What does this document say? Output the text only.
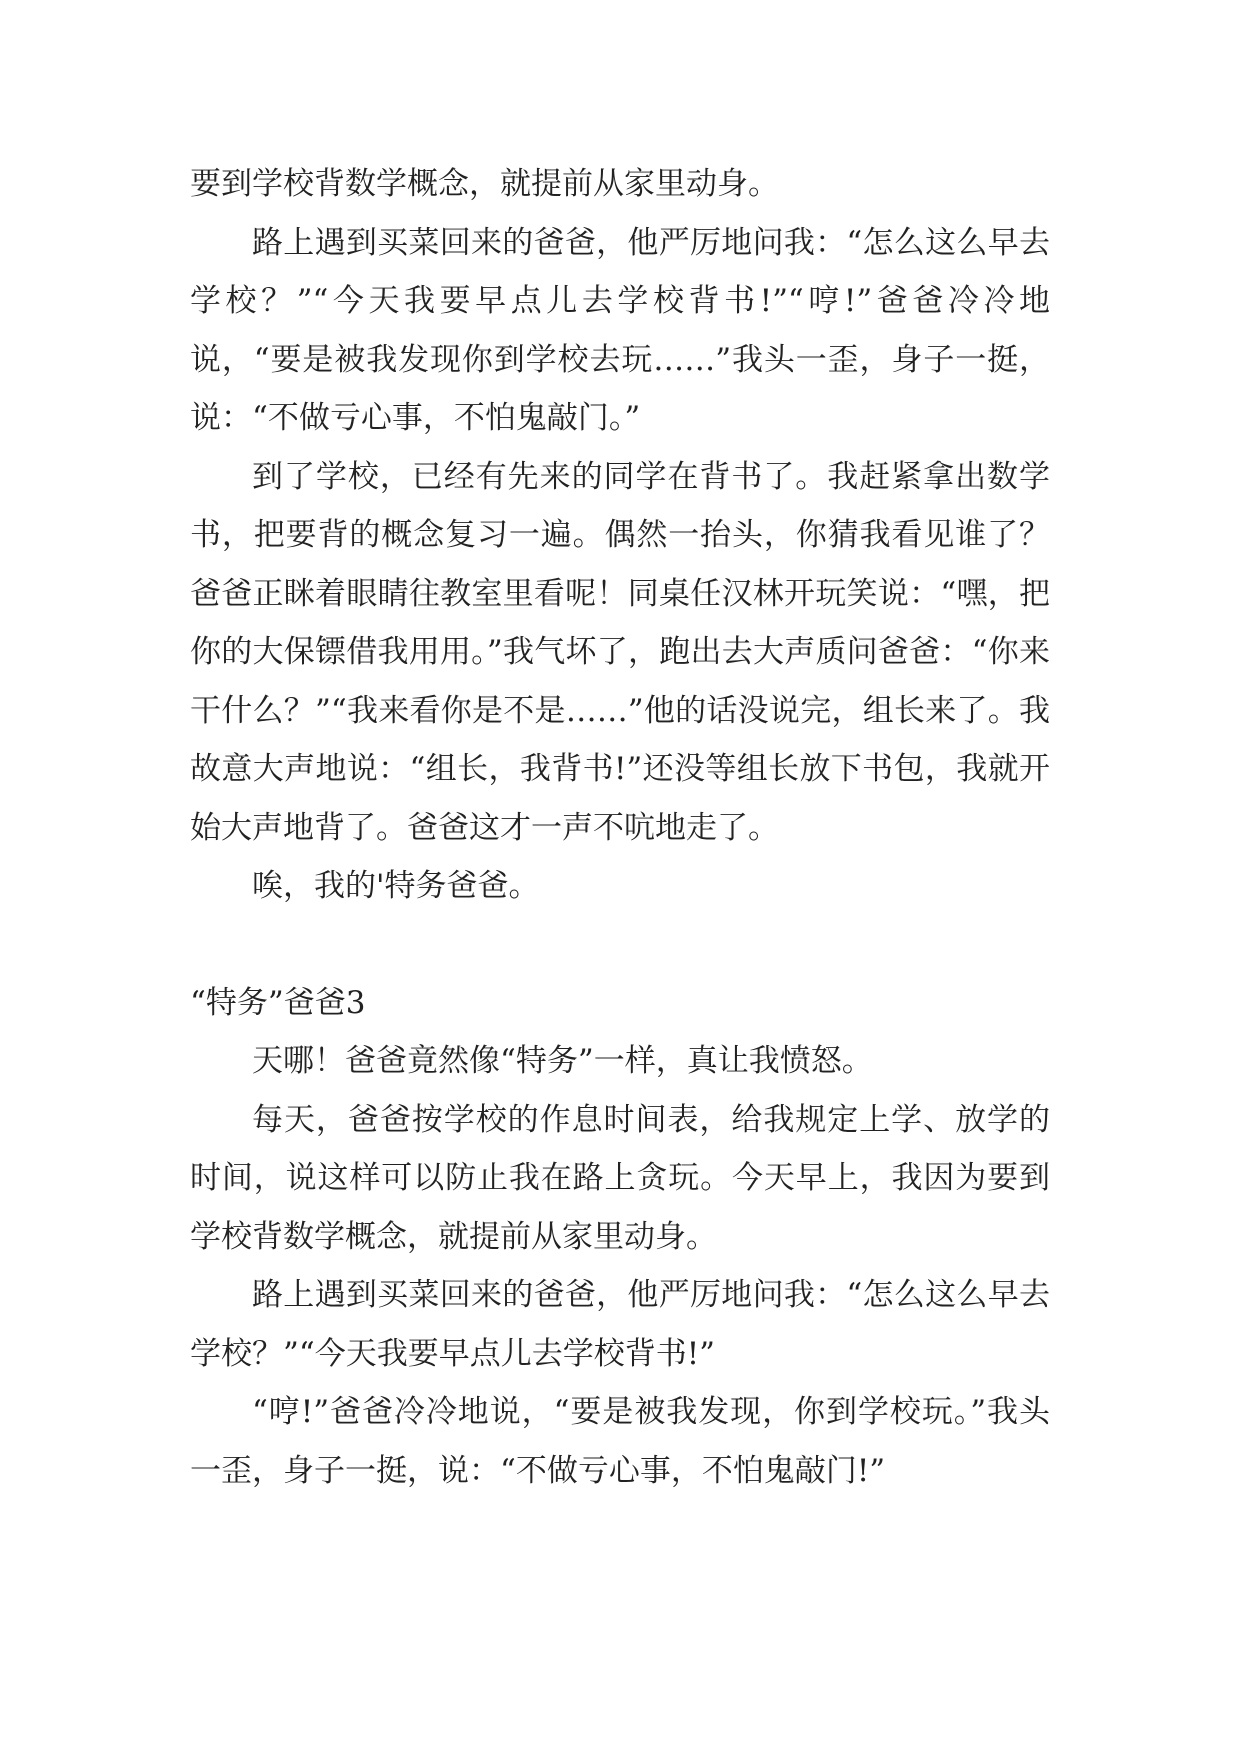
要到学校背数学概念，就提前从家里动身。

路上遇到买菜回来的爸爸，他严厉地问我：“怎么这么早去学校？”“今天我要早点儿去学校背书!”“哼!”爸爸冷冷地说，“要是被我发现你到学校去玩……”我头一歪，身子一挺，说：“不做亏心事，不怕鬼敲门。”

到了学校，已经有先来的同学在背书了。我赶紧拿出数学书，把要背的概念复习一遍。偶然一抬头，你猜我看见谁了？爸爸正眯着眼睛往教室里看呢！同桌任汉林开玩笑说：“嘿，把你的大保镖借我用用。”我气坏了，跑出去大声质问爸爸：“你来干什么？”“我来看你是不是……”他的话没说完，组长来了。我故意大声地说：“组长，我背书!”还没等组长放下书包，我就开始大声地背了。爸爸这才一声不吭地走了。

唉，我的'特务爸爸。

“特务”爸爸3

天哪！爸爸竟然像“特务”一样，真让我愤怒。

每天，爸爸按学校的作息时间表，给我规定上学、放学的时间，说这样可以防止我在路上贪玩。今天早上，我因为要到学校背数学概念，就提前从家里动身。

路上遇到买菜回来的爸爸，他严厉地问我：“怎么这么早去学校？”“今天我要早点儿去学校背书!”

“哼!”爸爸冷冷地说，“要是被我发现，你到学校玩。”我头一歪，身子一挺，说：“不做亏心事，不怕鬼敲门!”
